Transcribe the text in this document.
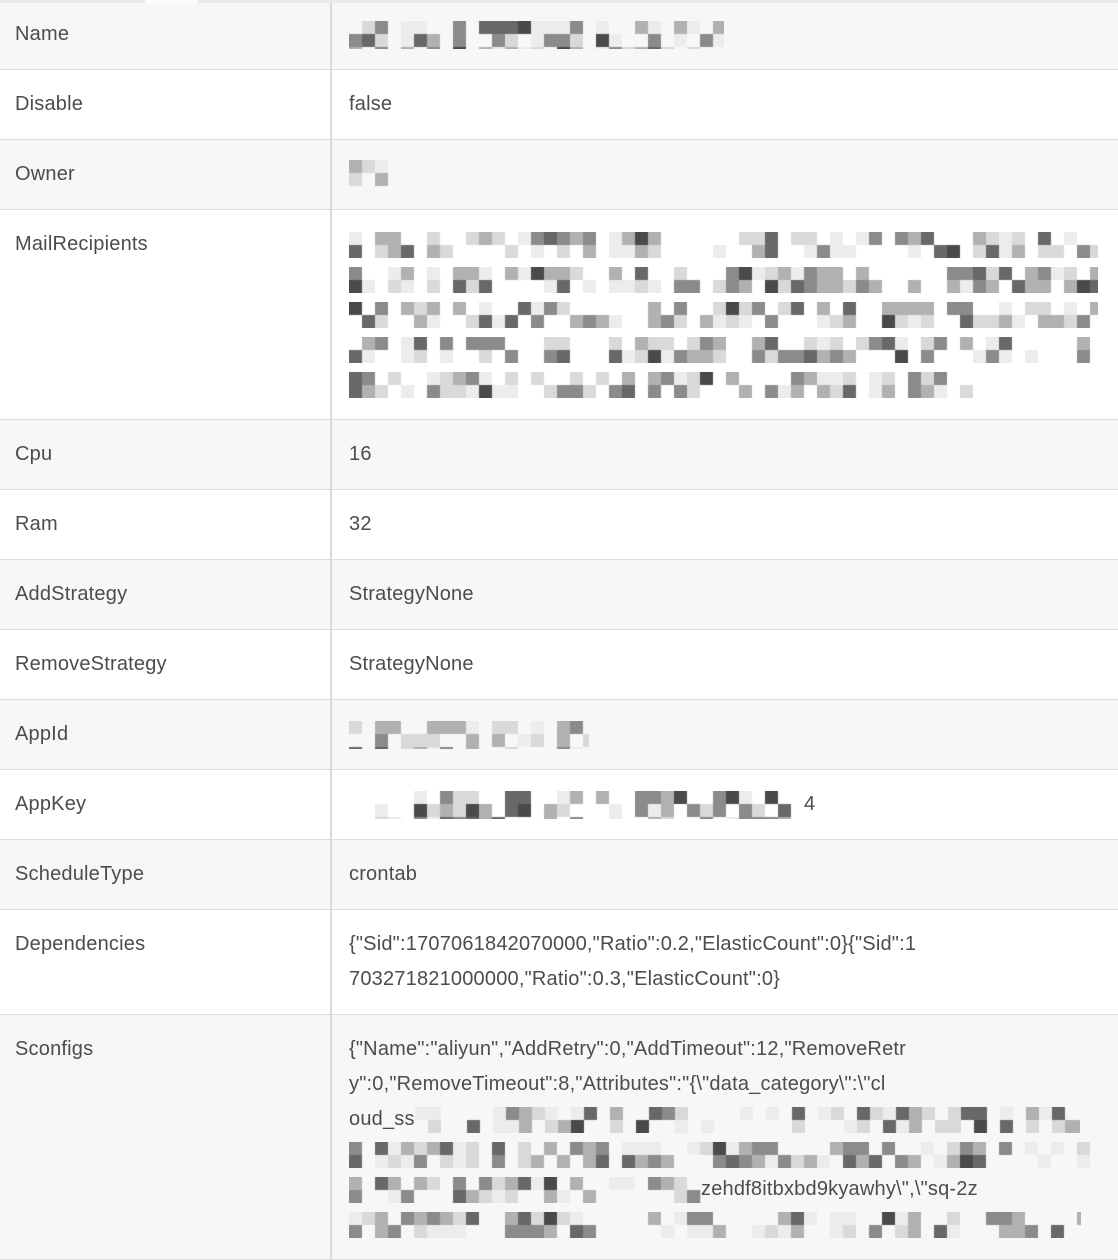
Name
Disable	false
Owner
MailRecipients
Cpu	16
Ram	32
AddStrategy	StrategyNone
RemoveStrategy	StrategyNone
AppId
AppKey	4
ScheduleType	crontab
Dependencies	{"Sid":1707061842070000,"Ratio":0.2,"ElasticCount":0}{"Sid":1
703271821000000,"Ratio":0.3,"ElasticCount":0}
Sconfigs	{"Name":"aliyun","AddRetry":0,"AddTimeout":12,"RemoveRetr
y":0,"RemoveTimeout":8,"Attributes":"{\"data_category\":\"cl
oud_ss
zehdf8itbxbd9kyawhy\",\"sq-2z
